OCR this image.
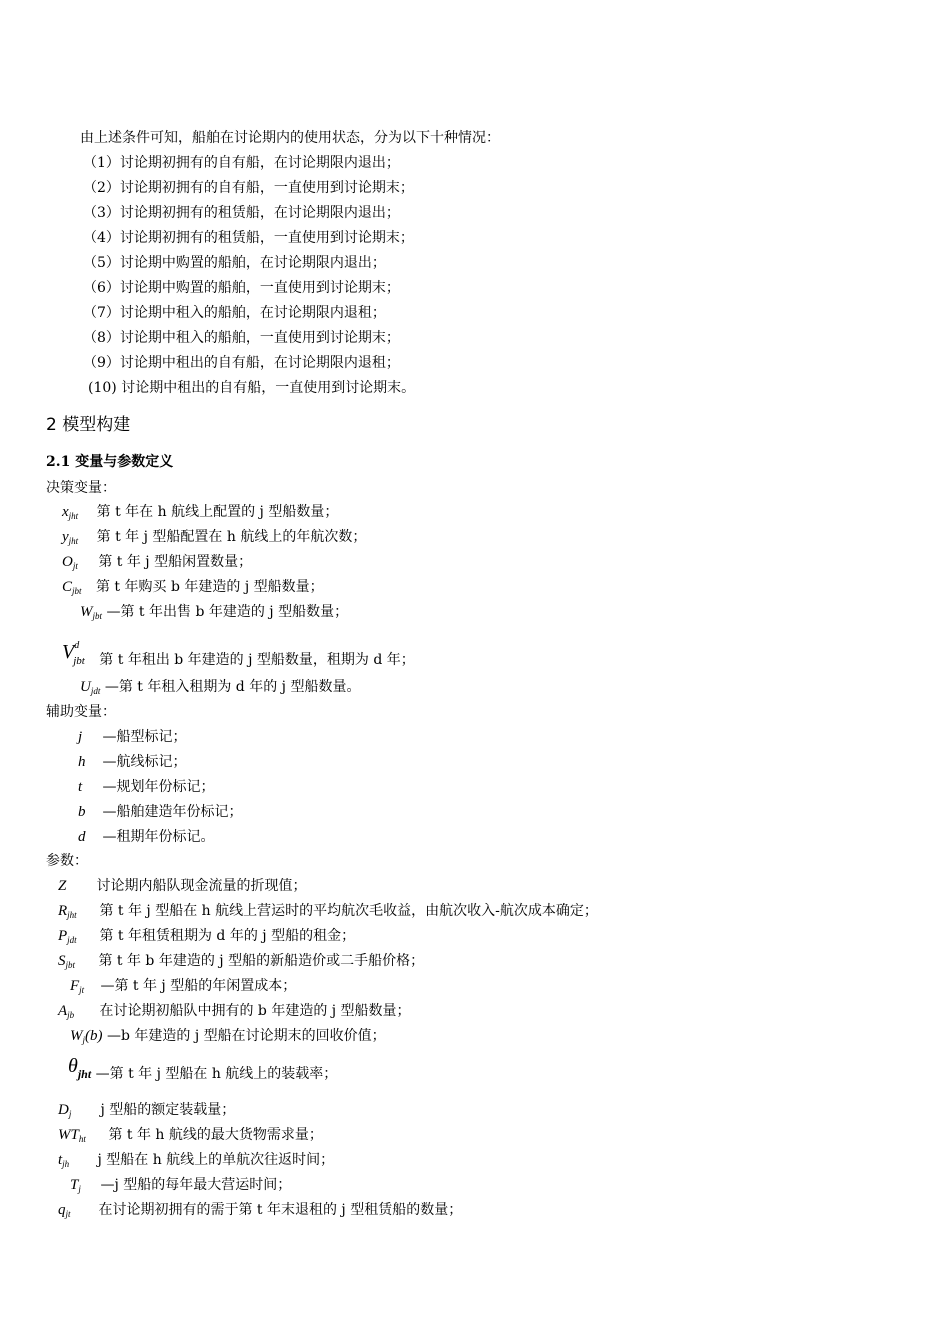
由上述条件可知，船舶在讨论期内的使用状态，分为以下十种情况：
（1）讨论期初拥有的自有船，在讨论期限内退出；
（2）讨论期初拥有的自有船，一直使用到讨论期末；
（3）讨论期初拥有的租赁船，在讨论期限内退出；
（4）讨论期初拥有的租赁船，一直使用到讨论期末；
（5）讨论期中购置的船舶，在讨论期限内退出；
（6）讨论期中购置的船舶，一直使用到讨论期末；
（7）讨论期中租入的船舶，在讨论期限内退租；
（8）讨论期中租入的船舶，一直使用到讨论期末；
（9）讨论期中租出的自有船，在讨论期限内退租；
(10) 讨论期中租出的自有船，一直使用到讨论期末。
2 模型构建
2.1 变量与参数定义
决策变量：
$x_{jht}$ 第 t 年在 h 航线上配置的 j 型船数量；
$y_{jht}$ 第 t 年 j 型船配置在 h 航线上的年航次数；
$O_{jt}$ 第 t 年 j 型船闲置数量；
$C_{jbt}$ 第 t 年购买 b 年建造的 j 型船数量；
$W_{jbt}$ —第 t 年出售 b 年建造的 j 型船数量；
$V^d_{jbt}$ 第 t 年租出 b 年建造的 j 型船数量，租期为 d 年；
$U_{jdt}$ —第 t 年租入租期为 d 年的 j 型船数量。
辅助变量：
j —船型标记；
h —航线标记；
t —规划年份标记；
b —船舶建造年份标记；
d —租期年份标记。
参数：
Z 讨论期内船队现金流量的折现值；
$R_{jht}$ 第 t 年 j 型船在 h 航线上营运时的平均航次毛收益，由航次收入-航次成本确定；
$P_{jdt}$ 第 t 年租赁租期为 d 年的 j 型船的租金；
$S_{jbt}$ 第 t 年 b 年建造的 j 型船的新船造价或二手船价格；
$F_{jt}$ —第 t 年 j 型船的年闲置成本；
$A_{jb}$ 在讨论期初船队中拥有的 b 年建造的 j 型船数量；
$W_j(b)$ —b 年建造的 j 型船在讨论期末的回收价值；
$\theta_{jht}$ —第 t 年 j 型船在 h 航线上的装载率；
$D_j$ j 型船的额定装载量；
$WT_{ht}$ 第 t 年 h 航线的最大货物需求量；
$t_{jh}$ j 型船在 h 航线上的单航次往返时间；
$T_j$ —j 型船的每年最大营运时间；
$q_{jt}$ 在讨论期初拥有的需于第 t 年末退租的 j 型租赁船的数量；
